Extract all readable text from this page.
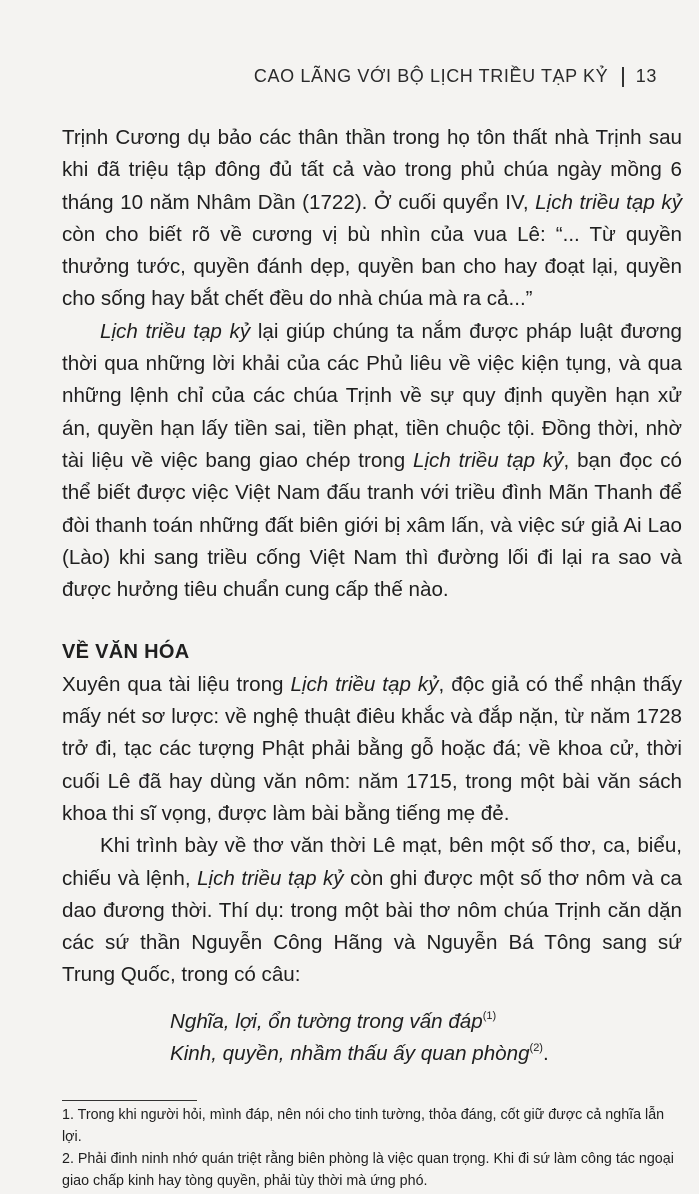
CAO LÃNG VỚI BỘ LỊCH TRIỀU TẠP KỶ 13

Trịnh Cương dụ bảo các thân thần trong họ tôn thất nhà Trịnh sau khi đã triệu tập đông đủ tất cả vào trong phủ chúa ngày mồng 6 tháng 10 năm Nhâm Dần (1722). Ở cuối quyển IV, Lịch triều tạp kỷ còn cho biết rõ về cương vị bù nhìn của vua Lê: “... Từ quyền thưởng tước, quyền đánh dẹp, quyền ban cho hay đoạt lại, quyền cho sống hay bắt chết đều do nhà chúa mà ra cả...”

Lịch triều tạp kỷ lại giúp chúng ta nắm được pháp luật đương thời qua những lời khải của các Phủ liêu về việc kiện tụng, và qua những lệnh chỉ của các chúa Trịnh về sự quy định quyền hạn xử án, quyền hạn lấy tiền sai, tiền phạt, tiền chuộc tội. Đồng thời, nhờ tài liệu về việc bang giao chép trong Lịch triều tạp kỷ, bạn đọc có thể biết được việc Việt Nam đấu tranh với triều đình Mãn Thanh để đòi thanh toán những đất biên giới bị xâm lấn, và việc sứ giả Ai Lao (Lào) khi sang triều cống Việt Nam thì đường lối đi lại ra sao và được hưởng tiêu chuẩn cung cấp thế nào.

VỀ VĂN HÓA

Xuyên qua tài liệu trong Lịch triều tạp kỷ, độc giả có thể nhận thấy mấy nét sơ lược: về nghệ thuật điêu khắc và đắp nặn, từ năm 1728 trở đi, tạc các tượng Phật phải bằng gỗ hoặc đá; về khoa cử, thời cuối Lê đã hay dùng văn nôm: năm 1715, trong một bài văn sách khoa thi sĩ vọng, được làm bài bằng tiếng mẹ đẻ.

Khi trình bày về thơ văn thời Lê mạt, bên một số thơ, ca, biểu, chiếu và lệnh, Lịch triều tạp kỷ còn ghi được một số thơ nôm và ca dao đương thời. Thí dụ: trong một bài thơ nôm chúa Trịnh căn dặn các sứ thần Nguyễn Công Hãng và Nguyễn Bá Tông sang sứ Trung Quốc, trong có câu:

Nghĩa, lợi, ổn tường trong vấn đáp$^{(1)}$

Kinh, quyền, nhầm thấu ấy quan phòng$^{(2)}$.

1. Trong khi người hỏi, mình đáp, nên nói cho tinh tường, thỏa đáng, cốt giữ được cả nghĩa lẫn lợi.

2. Phải đinh ninh nhớ quán triệt rằng biên phòng là việc quan trọng. Khi đi sứ làm công tác ngoại giao chấp kinh hay tòng quyền, phải tùy thời mà ứng phó.
